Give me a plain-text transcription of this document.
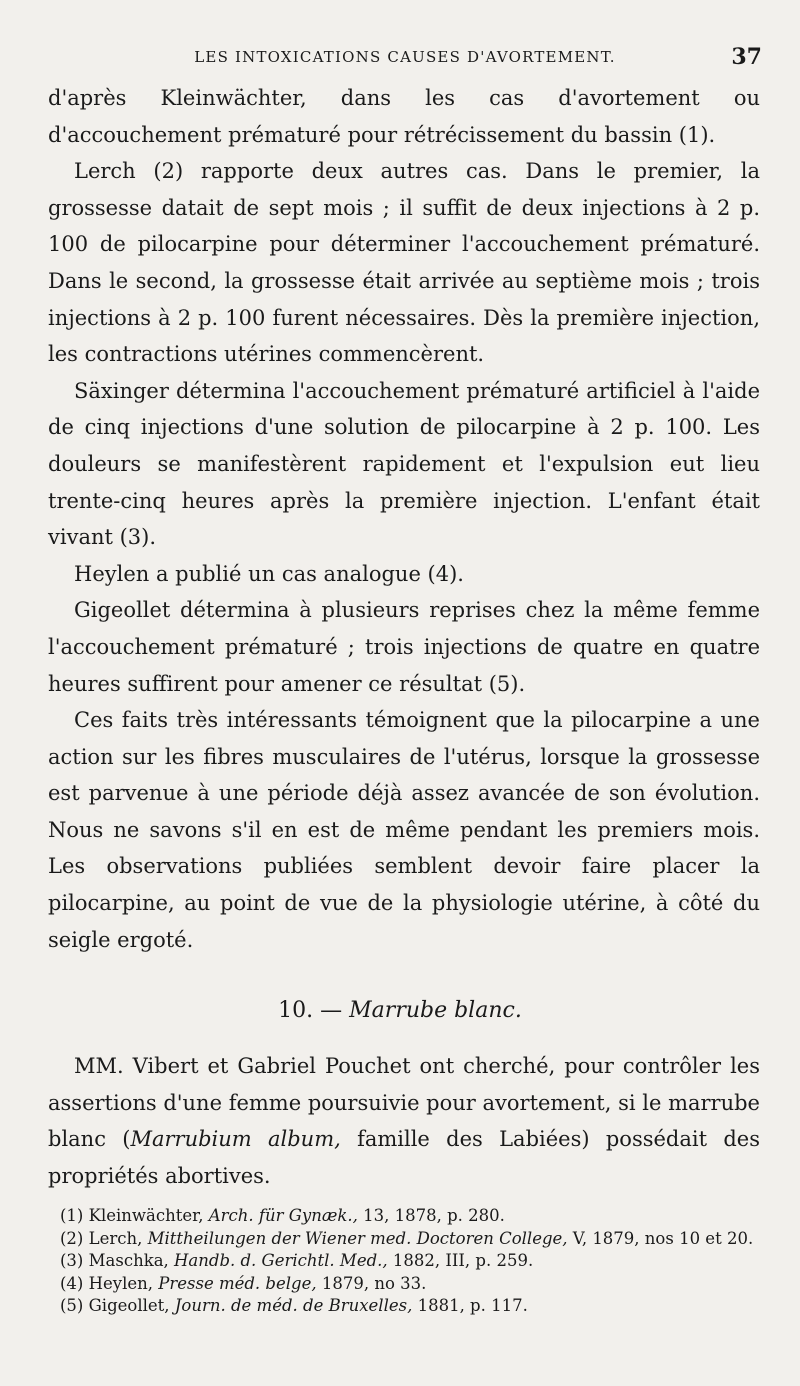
LES INTOXICATIONS CAUSES D'AVORTEMENT.	37

d'après Kleinwächter, dans les cas d'avortement ou d'accouchement prématuré pour rétrécissement du bassin (1).

Lerch (2) rapporte deux autres cas. Dans le premier, la grossesse datait de sept mois ; il suffit de deux injections à 2 p. 100 de pilocarpine pour déterminer l'accouchement prématuré. Dans le second, la grossesse était arrivée au septième mois ; trois injections à 2 p. 100 furent nécessaires. Dès la première injection, les contractions utérines commencèrent.

Säxinger détermina l'accouchement prématuré artificiel à l'aide de cinq injections d'une solution de pilocarpine à 2 p. 100. Les douleurs se manifestèrent rapidement et l'expulsion eut lieu trente-cinq heures après la première injection. L'enfant était vivant (3).

Heylen a publié un cas analogue (4).

Gigeollet détermina à plusieurs reprises chez la même femme l'accouchement prématuré ; trois injections de quatre en quatre heures suffirent pour amener ce résultat (5).

Ces faits très intéressants témoignent que la pilocarpine a une action sur les fibres musculaires de l'utérus, lorsque la grossesse est parvenue à une période déjà assez avancée de son évolution. Nous ne savons s'il en est de même pendant les premiers mois. Les observations publiées semblent devoir faire placer la pilocarpine, au point de vue de la physiologie utérine, à côté du seigle ergoté.

10. — Marrube blanc.

MM. Vibert et Gabriel Pouchet ont cherché, pour contrôler les assertions d'une femme poursuivie pour avortement, si le marrube blanc (Marrubium album, famille des Labiées) possédait des propriétés abortives.

(1) Kleinwächter, Arch. für Gynæk., 13, 1878, p. 280.

(2) Lerch, Mittheilungen der Wiener med. Doctoren College, V, 1879, nos 10 et 20.

(3) Maschka, Handb. d. Gerichtl. Med., 1882, III, p. 259.

(4) Heylen, Presse méd. belge, 1879, no 33.

(5) Gigeollet, Journ. de méd. de Bruxelles, 1881, p. 117.
